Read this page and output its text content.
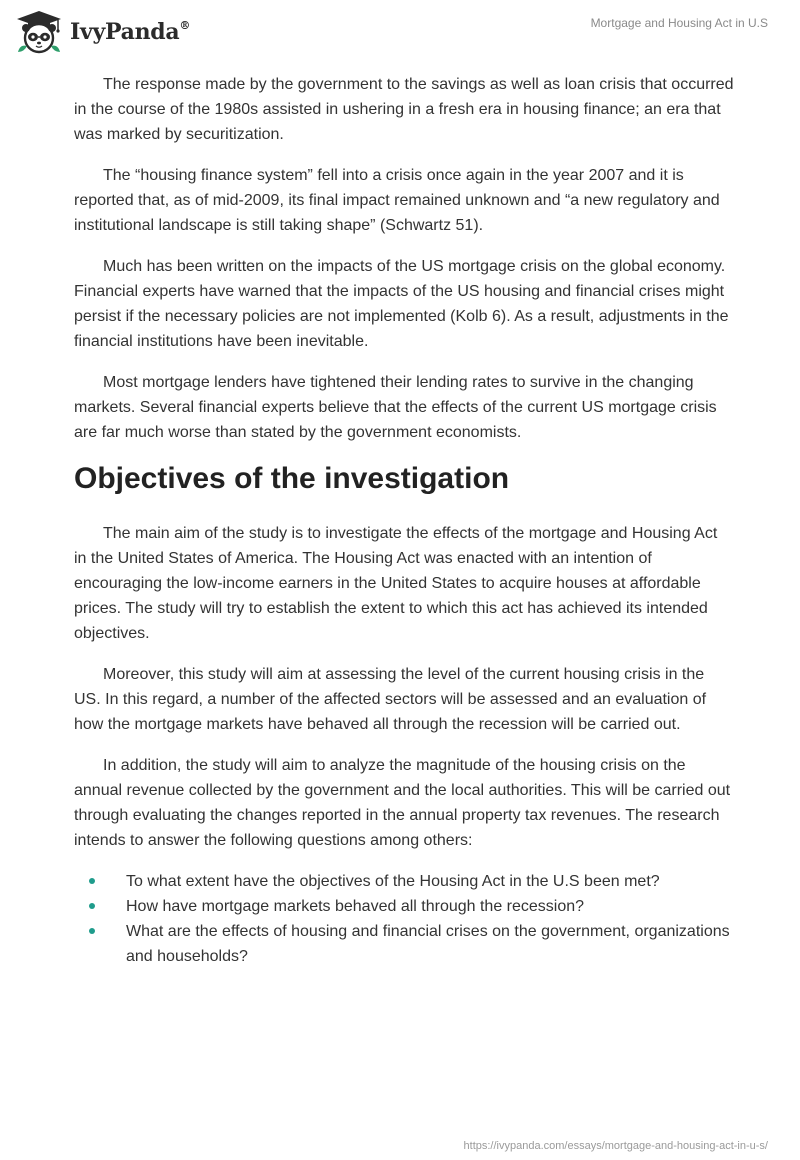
IvyPanda®	Mortgage and Housing Act in U.S

The response made by the government to the savings as well as loan crisis that occurred in the course of the 1980s assisted in ushering in a fresh era in housing finance; an era that was marked by securitization.

The “housing finance system” fell into a crisis once again in the year 2007 and it is reported that, as of mid-2009, its final impact remained unknown and “a new regulatory and institutional landscape is still taking shape” (Schwartz 51).

Much has been written on the impacts of the US mortgage crisis on the global economy. Financial experts have warned that the impacts of the US housing and financial crises might persist if the necessary policies are not implemented (Kolb 6). As a result, adjustments in the financial institutions have been inevitable.

Most mortgage lenders have tightened their lending rates to survive in the changing markets. Several financial experts believe that the effects of the current US mortgage crisis are far much worse than stated by the government economists.

Objectives of the investigation

The main aim of the study is to investigate the effects of the mortgage and Housing Act in the United States of America. The Housing Act was enacted with an intention of encouraging the low-income earners in the United States to acquire houses at affordable prices. The study will try to establish the extent to which this act has achieved its intended objectives.

Moreover, this study will aim at assessing the level of the current housing crisis in the US. In this regard, a number of the affected sectors will be assessed and an evaluation of how the mortgage markets have behaved all through the recession will be carried out.

In addition, the study will aim to analyze the magnitude of the housing crisis on the annual revenue collected by the government and the local authorities. This will be carried out through evaluating the changes reported in the annual property tax revenues. The research intends to answer the following questions among others:

To what extent have the objectives of the Housing Act in the U.S been met?
How have mortgage markets behaved all through the recession?
What are the effects of housing and financial crises on the government, organizations and households?
https://ivypanda.com/essays/mortgage-and-housing-act-in-u-s/
